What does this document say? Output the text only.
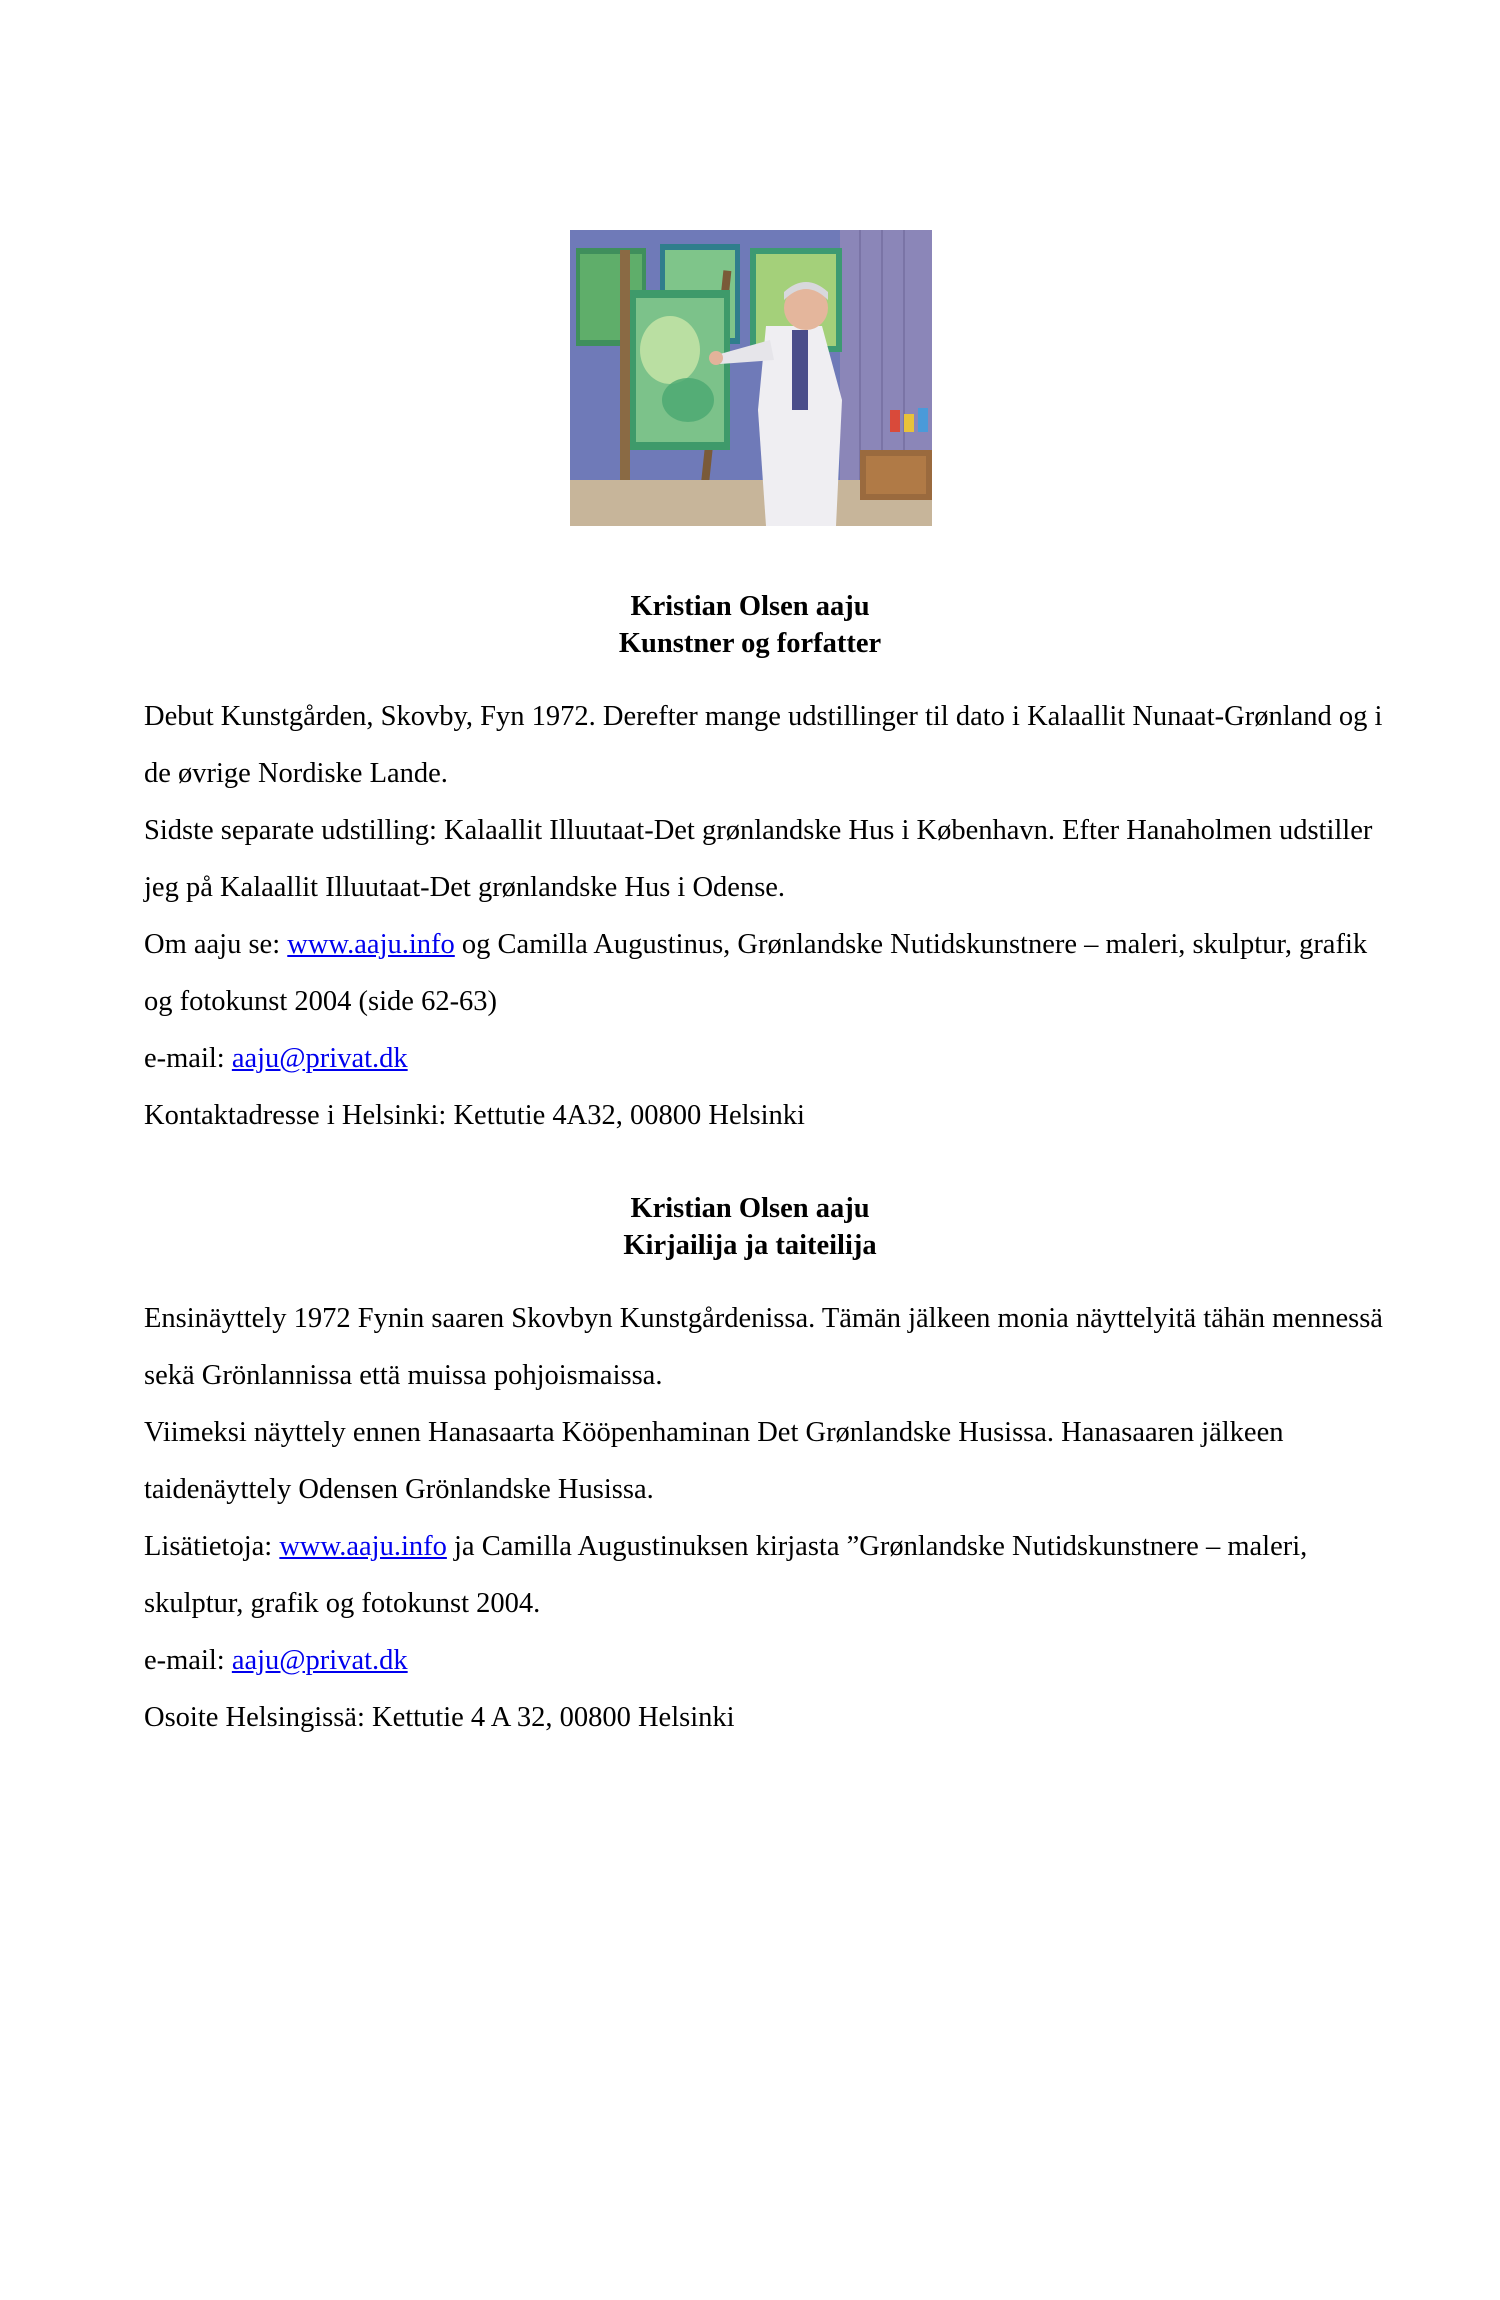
Kristian Olsen aaju
Kunstner og forfatter

Debut Kunstgården, Skovby, Fyn 1972. Derefter mange udstillinger til dato i Kalaallit Nunaat-Grønland og i de øvrige Nordiske Lande.

Sidste separate udstilling: Kalaallit Illuutaat-Det grønlandske Hus i København. Efter Hanaholmen udstiller jeg på Kalaallit Illuutaat-Det grønlandske Hus i Odense.

Om aaju se: www.aaju.info og Camilla Augustinus, Grønlandske Nutidskunstnere – maleri, skulptur, grafik og fotokunst 2004 (side 62-63)

e-mail: aaju@privat.dk

Kontaktadresse i Helsinki: Kettutie 4A32, 00800 Helsinki

Kristian Olsen aaju
Kirjailija ja taiteilija

Ensinäyttely 1972 Fynin saaren Skovbyn Kunstgårdenissa. Tämän jälkeen monia näyttelyitä tähän mennessä sekä Grönlannissa että muissa pohjoismaissa.

Viimeksi näyttely ennen Hanasaarta Kööpenhaminan Det Grønlandske Husissa. Hanasaaren jälkeen taidenäyttely Odensen Grönlandske Husissa.

Lisätietoja: www.aaju.info ja Camilla Augustinuksen kirjasta ”Grønlandske Nutidskunstnere – maleri, skulptur, grafik og fotokunst 2004.

e-mail: aaju@privat.dk

Osoite Helsingissä: Kettutie 4 A 32, 00800 Helsinki
